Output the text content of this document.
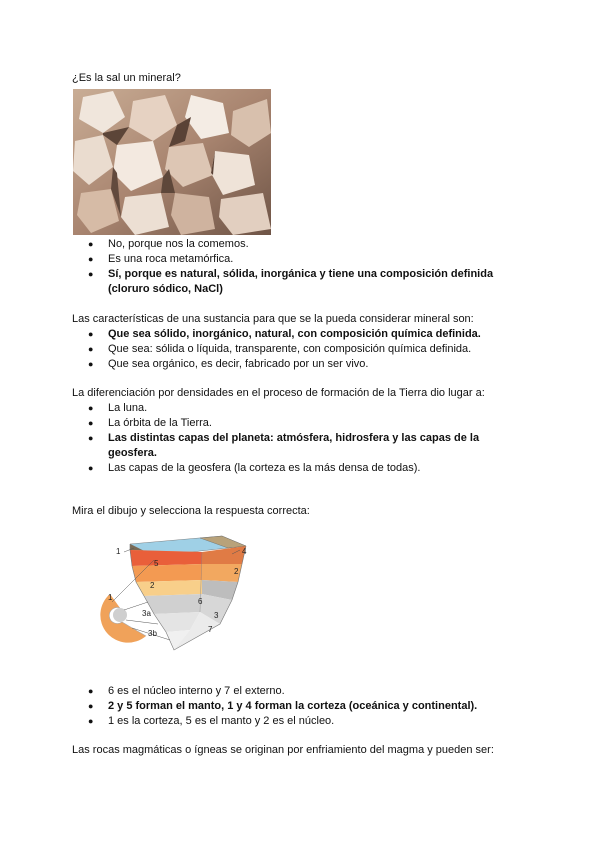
¿Es la sal un mineral?

● No, porque nos la comemos.
● Es una roca metamórfica.
● Sí, porque es natural, sólida, inorgánica y tiene una composición definida (cloruro sódico, NaCl)

Las características de una sustancia para que se la pueda considerar mineral son:

● Que sea sólido, inorgánico, natural, con composición química definida.
● Que sea: sólida o líquida, transparente, con composición química definida.
● Que sea orgánico, es decir, fabricado por un ser vivo.

La diferenciación por densidades en el proceso de formación de la Tierra dio lugar a:

● La luna.
● La órbita de la Tierra.
● Las distintas capas del planeta: atmósfera, hidrosfera y las capas de la geosfera.
● Las capas de la geosfera (la corteza es la más densa de todas).

Mira el dibujo y selecciona la respuesta correcta:

1
5
2
1
3a
3b
6
7
4
2
3
● 6 es el núcleo interno y 7 el externo.
● 2 y 5 forman el manto, 1 y 4 forman la corteza (oceánica y continental).
● 1 es la corteza, 5 es el manto y 2 es el núcleo.

Las rocas magmáticas o ígneas se originan por enfriamiento del magma y pueden ser:
